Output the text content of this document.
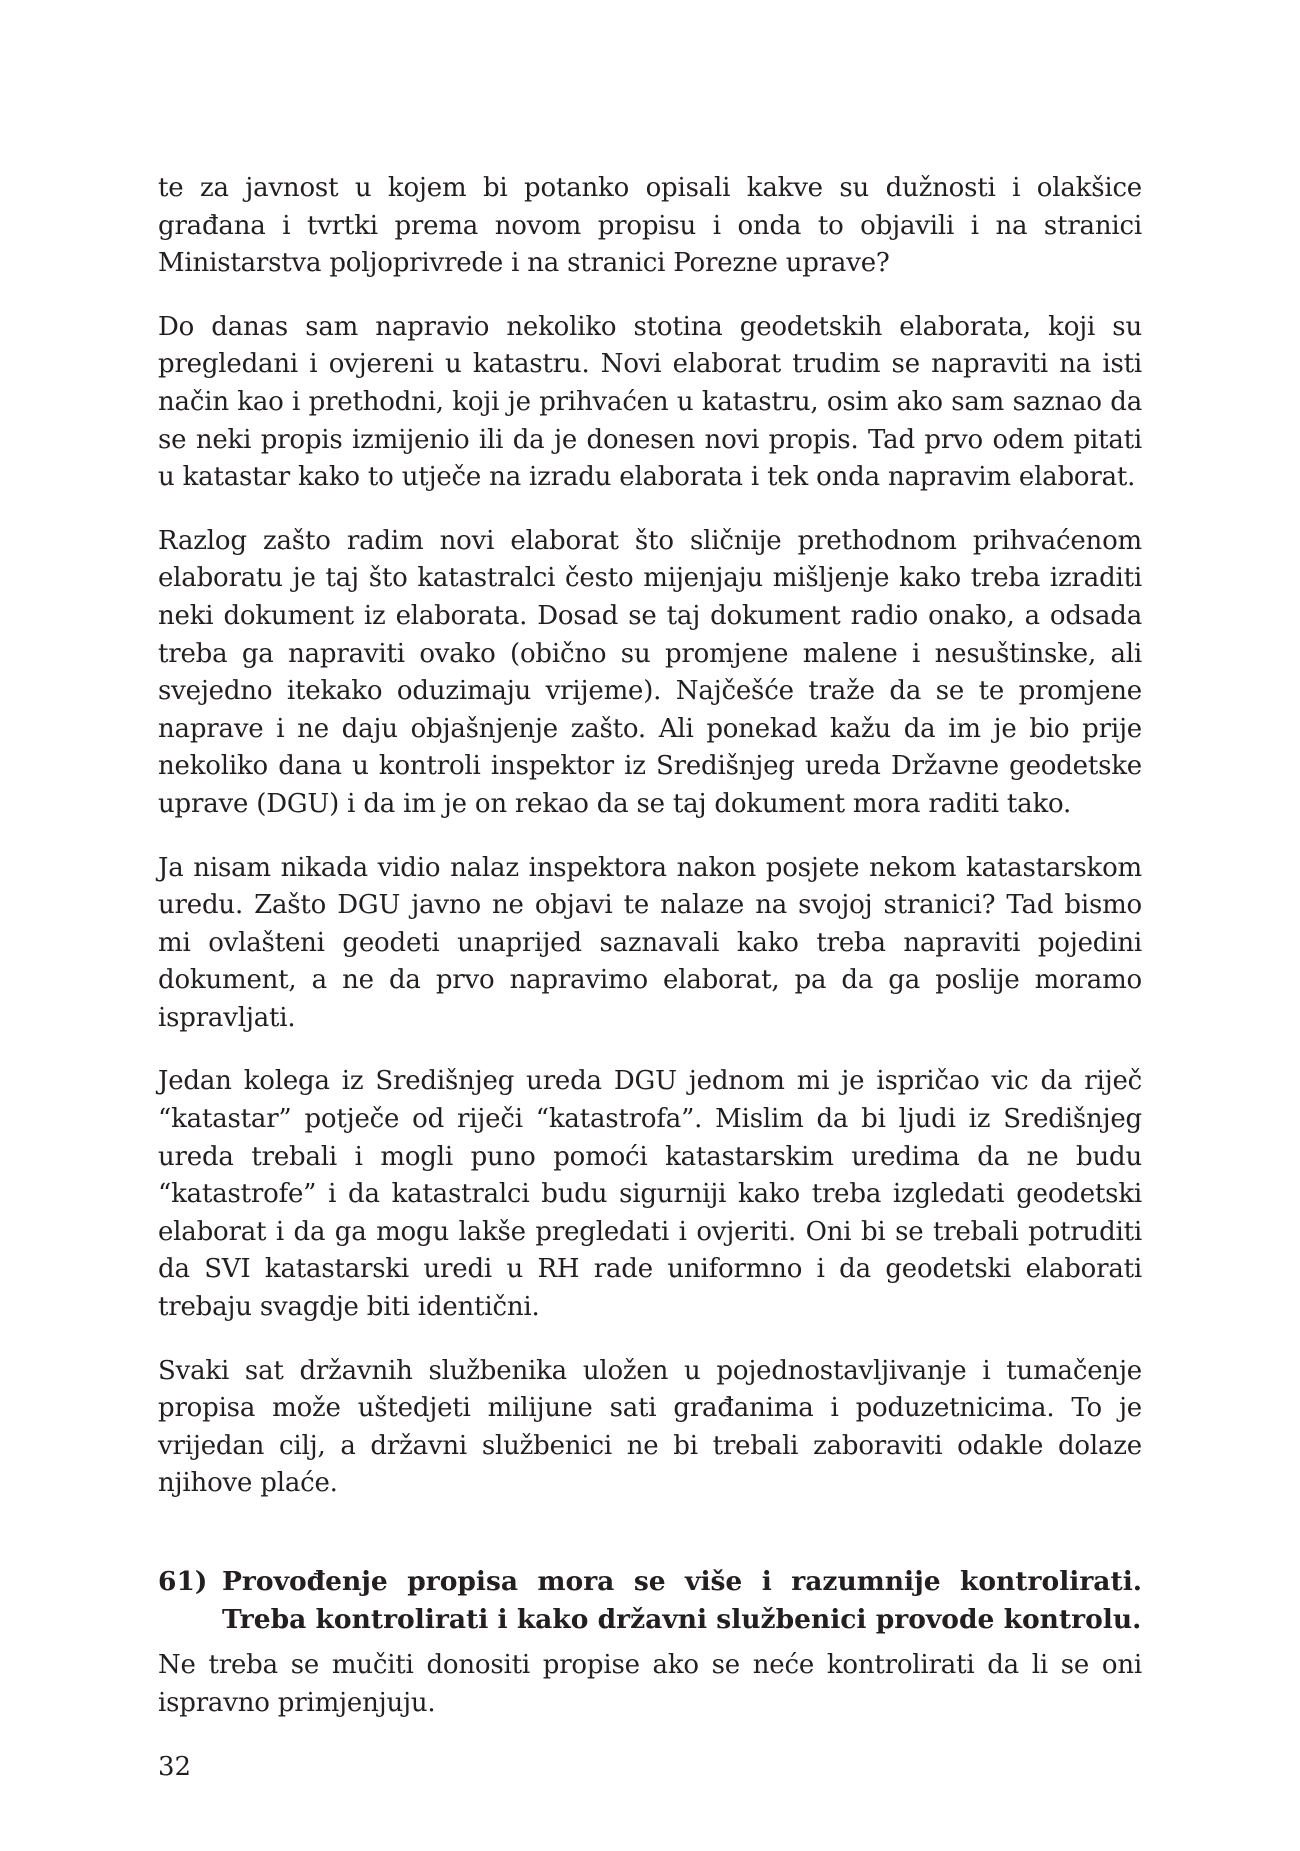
te za javnost u kojem bi potanko opisali kakve su dužnosti i olakšice građana i tvrtki prema novom propisu i onda to objavili i na stranici Ministarstva poljoprivrede i na stranici Porezne uprave?

Do danas sam napravio nekoliko stotina geodetskih elaborata, koji su pregledani i ovjereni u katastru. Novi elaborat trudim se napraviti na isti način kao i prethodni, koji je prihvaćen u katastru, osim ako sam saznao da se neki propis izmijenio ili da je donesen novi propis. Tad prvo odem pitati u katastar kako to utječe na izradu elaborata i tek onda napravim elaborat.

Razlog zašto radim novi elaborat što sličnije prethodnom prihvaćenom elaboratu je taj što katastralci često mijenjaju mišljenje kako treba izraditi neki dokument iz elaborata. Dosad se taj dokument radio onako, a odsada treba ga napraviti ovako (obično su promjene malene i nesuštinske, ali svejedno itekako oduzimaju vrijeme). Najčešće traže da se te promjene naprave i ne daju objašnjenje zašto. Ali ponekad kažu da im je bio prije nekoliko dana u kontroli inspektor iz Središnjeg ureda Državne geodetske uprave (DGU) i da im je on rekao da se taj dokument mora raditi tako.

Ja nisam nikada vidio nalaz inspektora nakon posjete nekom katastarskom uredu. Zašto DGU javno ne objavi te nalaze na svojoj stranici? Tad bismo mi ovlašteni geodeti unaprijed saznavali kako treba napraviti pojedini dokument, a ne da prvo napravimo elaborat, pa da ga poslije moramo ispravljati.

Jedan kolega iz Središnjeg ureda DGU jednom mi je ispričao vic da riječ “katastar” potječe od riječi “katastrofa”. Mislim da bi ljudi iz Središnjeg ureda trebali i mogli puno pomoći katastarskim uredima da ne budu “katastrofe” i da katastralci budu sigurniji kako treba izgledati geodetski elaborat i da ga mogu lakše pregledati i ovjeriti. Oni bi se trebali potruditi da SVI katastarski uredi u RH rade uniformno i da geodetski elaborati trebaju svagdje biti identični.

Svaki sat državnih službenika uložen u pojednostavljivanje i tumačenje propisa može uštedjeti milijune sati građanima i poduzetnicima. To je vrijedan cilj, a državni službenici ne bi trebali zaboraviti odakle dolaze njihove plaće.

61) Provođenje propisa mora se više i razumnije kontrolirati. Treba kontrolirati i kako državni službenici provode kontrolu.

Ne treba se mučiti donositi propise ako se neće kontrolirati da li se oni ispravno primjenjuju.

32
